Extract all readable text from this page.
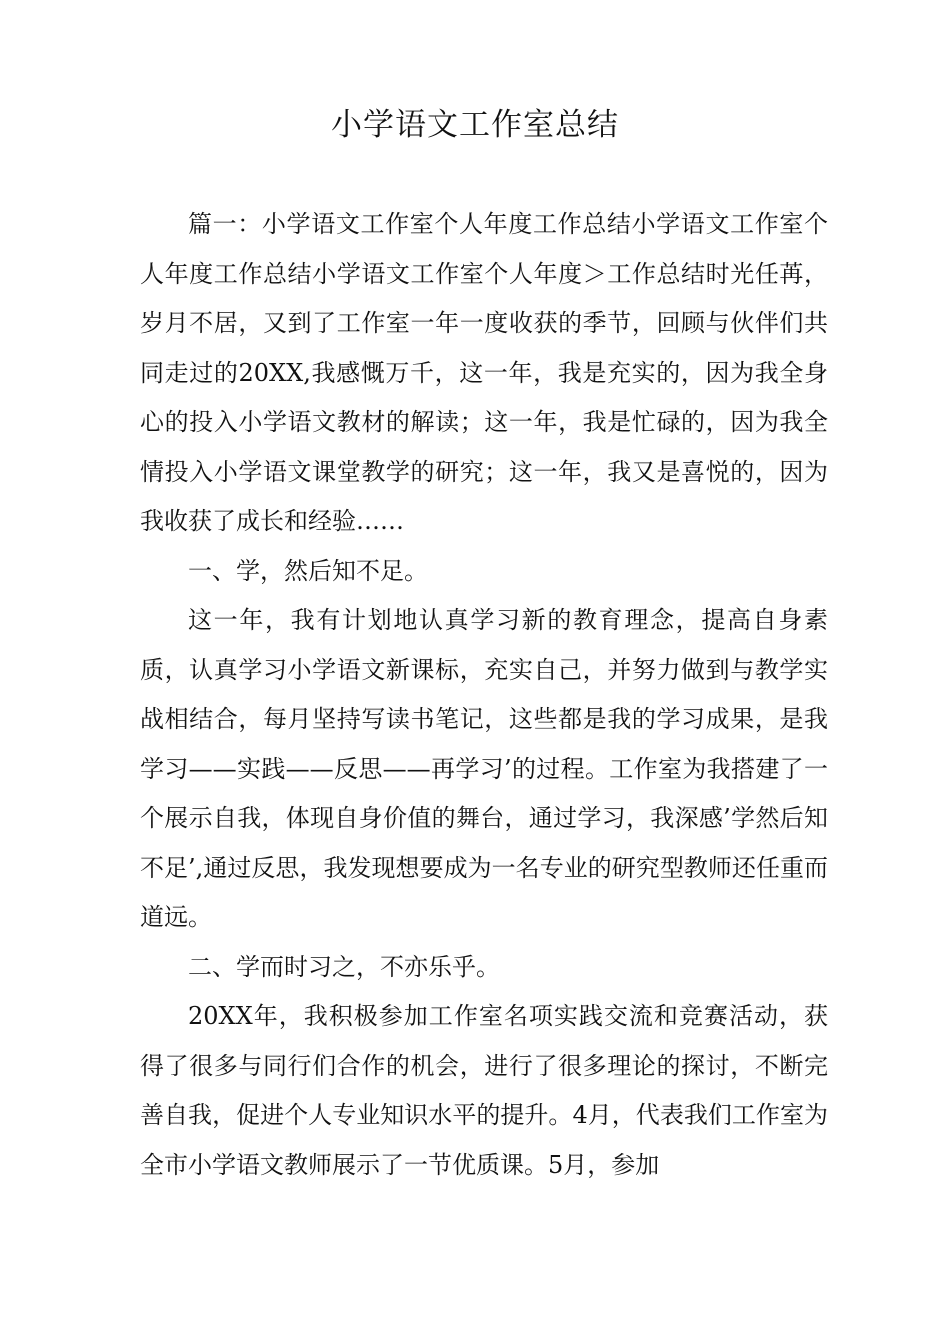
小学语文工作室总结

篇一：小学语文工作室个人年度工作总结小学语文工作室个人年度工作总结小学语文工作室个人年度＞工作总结时光任苒，岁月不居，又到了工作室一年一度收获的季节，回顾与伙伴们共同走过的20XX,我感慨万千，这一年，我是充实的，因为我全身心的投入小学语文教材的解读；这一年，我是忙碌的，因为我全情投入小学语文课堂教学的研究；这一年，我又是喜悦的，因为我收获了成长和经验……

一、学，然后知不足。

这一年，我有计划地认真学习新的教育理念，提高自身素质，认真学习小学语文新课标，充实自己，并努力做到与教学实战相结合，每月坚持写读书笔记，这些都是我的学习成果，是我学习——实践——反思——再学习’的过程。工作室为我搭建了一个展示自我，体现自身价值的舞台，通过学习，我深感’学然后知不足’,通过反思，我发现想要成为一名专业的研究型教师还任重而道远。

二、学而时习之，不亦乐乎。

20XX年，我积极参加工作室名项实践交流和竞赛活动，获得了很多与同行们合作的机会，进行了很多理论的探讨，不断完善自我，促进个人专业知识水平的提升。4月，代表我们工作室为全市小学语文教师展示了一节优质课。5月，参加
